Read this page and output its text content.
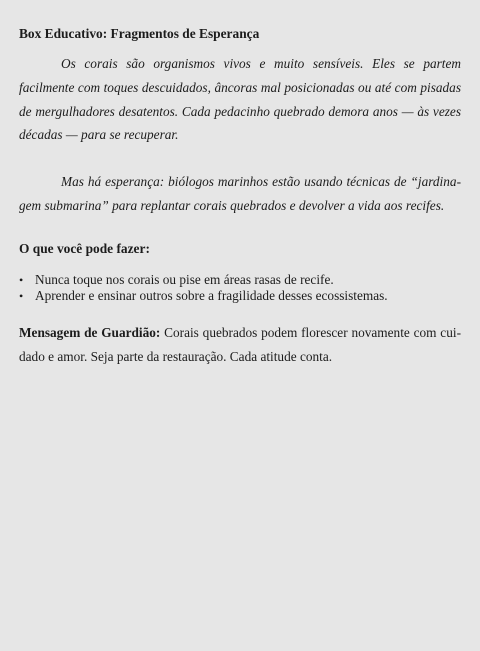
Box Educativo: Fragmentos de Esperança

Os corais são organismos vivos e muito sensíveis. Eles se partem facilmente com toques descuidados, âncoras mal posicionadas ou até com pisadas de mergulhadores desatentos. Cada pedacinho quebrado demora anos — às vezes décadas — para se recuperar.

Mas há esperança: biólogos marinhos estão usando técnicas de “jardinagem submarina” para replantar corais quebrados e devolver a vida aos recifes.

O que você pode fazer:
• Nunca toque nos corais ou pise em áreas rasas de recife.
• Aprender e ensinar outros sobre a fragilidade desses ecossistemas.

Mensagem de Guardião: Corais quebrados podem florescer novamente com cuidado e amor. Seja parte da restauração. Cada atitude conta.
